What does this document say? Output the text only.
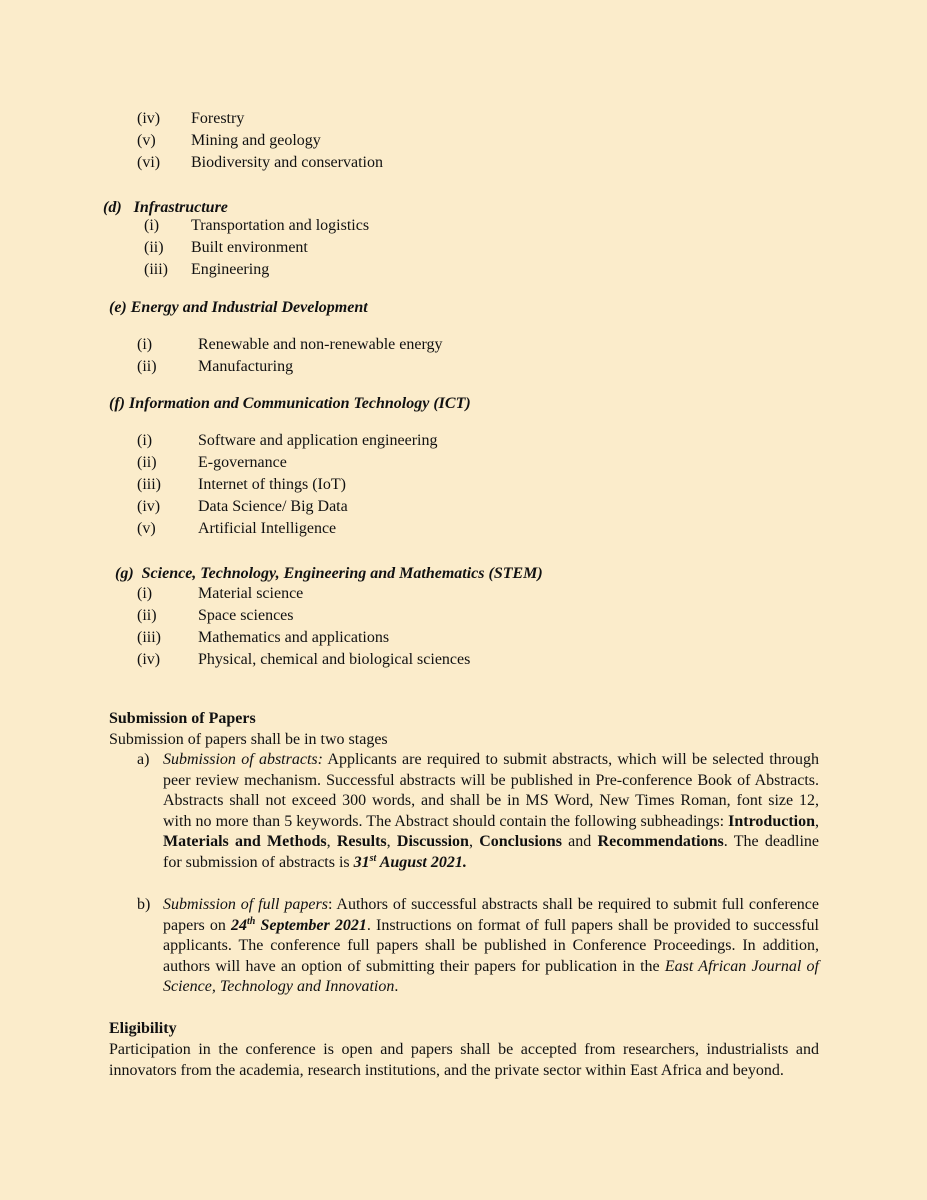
(iv) Forestry
(v) Mining and geology
(vi) Biodiversity and conservation
(d)   Infrastructure
(i) Transportation and logistics
(ii) Built environment
(iii) Engineering
(e) Energy and Industrial Development
(i)	Renewable and non-renewable energy
(ii)	Manufacturing
(f) Information and Communication Technology (ICT)
(i)	Software and application engineering
(ii)	E-governance
(iii) Internet of things (IoT)
(iv) Data Science/ Big Data
(v)	Artificial Intelligence
(g)  Science, Technology, Engineering and Mathematics (STEM)
(i)	Material science
(ii)	Space sciences
(iii) Mathematics and applications
(iv) Physical, chemical and biological sciences
Submission of Papers
Submission of papers shall be in two stages
a) Submission of abstracts: Applicants are required to submit abstracts, which will be selected through peer review mechanism. Successful abstracts will be published in Pre-conference Book of Abstracts. Abstracts shall not exceed 300 words, and shall be in MS Word, New Times Roman, font size 12, with no more than 5 keywords. The Abstract should contain the following subheadings: Introduction, Materials and Methods, Results, Discussion, Conclusions and Recommendations. The deadline for submission of abstracts is 31st August 2021.
b) Submission of full papers: Authors of successful abstracts shall be required to submit full conference papers on 24th September 2021. Instructions on format of full papers shall be provided to successful applicants. The conference full papers shall be published in Conference Proceedings. In addition, authors will have an option of submitting their papers for publication in the East African Journal of Science, Technology and Innovation.
Eligibility
Participation in the conference is open and papers shall be accepted from researchers, industrialists and innovators from the academia, research institutions, and the private sector within East Africa and beyond.
